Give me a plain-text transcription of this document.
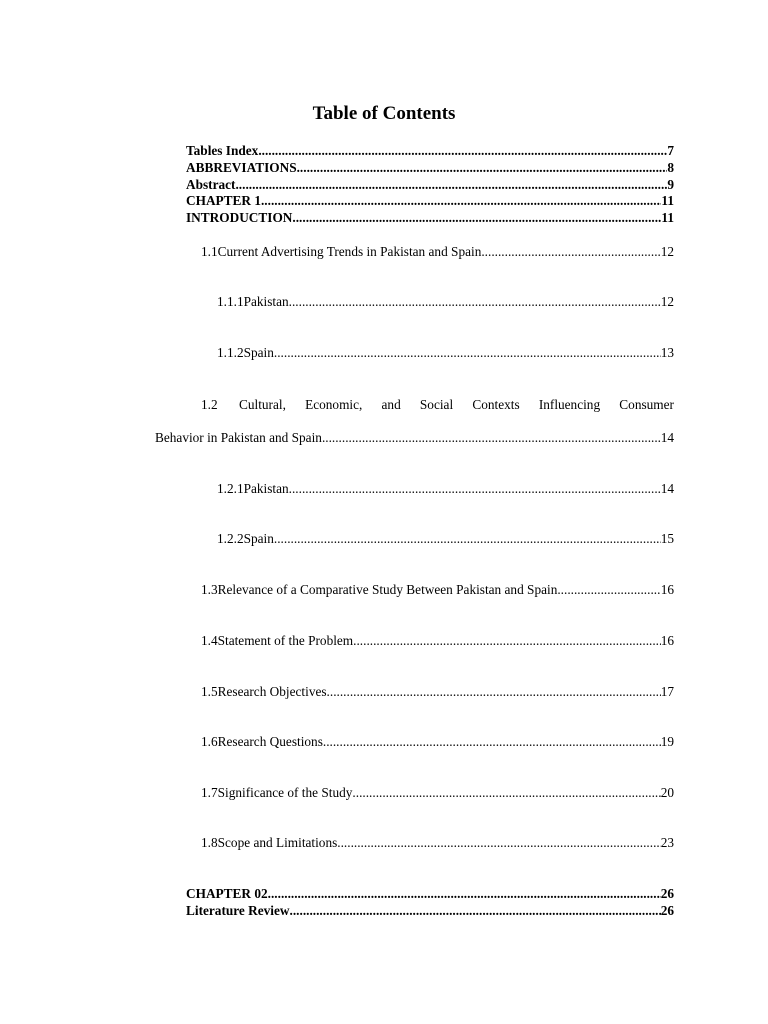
Table of Contents
Tables Index .....	7
ABBREVIATIONS .....	8
Abstract .....	9
CHAPTER 1 .....	11
INTRODUCTION .....	11
1.1 Current Advertising Trends in Pakistan and Spain .....	12
1.1.1 Pakistan .....	12
1.1.2 Spain .....	13
1.2	Cultural, Economic, and Social Contexts Influencing Consumer
Behavior in Pakistan and Spain .....	14
1.2.1 Pakistan .....	14
1.2.2 Spain .....	15
1.3 Relevance of a Comparative Study Between Pakistan and Spain .....	16
1.4 Statement of the Problem .....	16
1.5 Research Objectives .....	17
1.6 Research Questions .....	19
1.7 Significance of the Study .....	20
1.8 Scope and Limitations .....	23
CHAPTER 02 .....	26
Literature Review .....	26
